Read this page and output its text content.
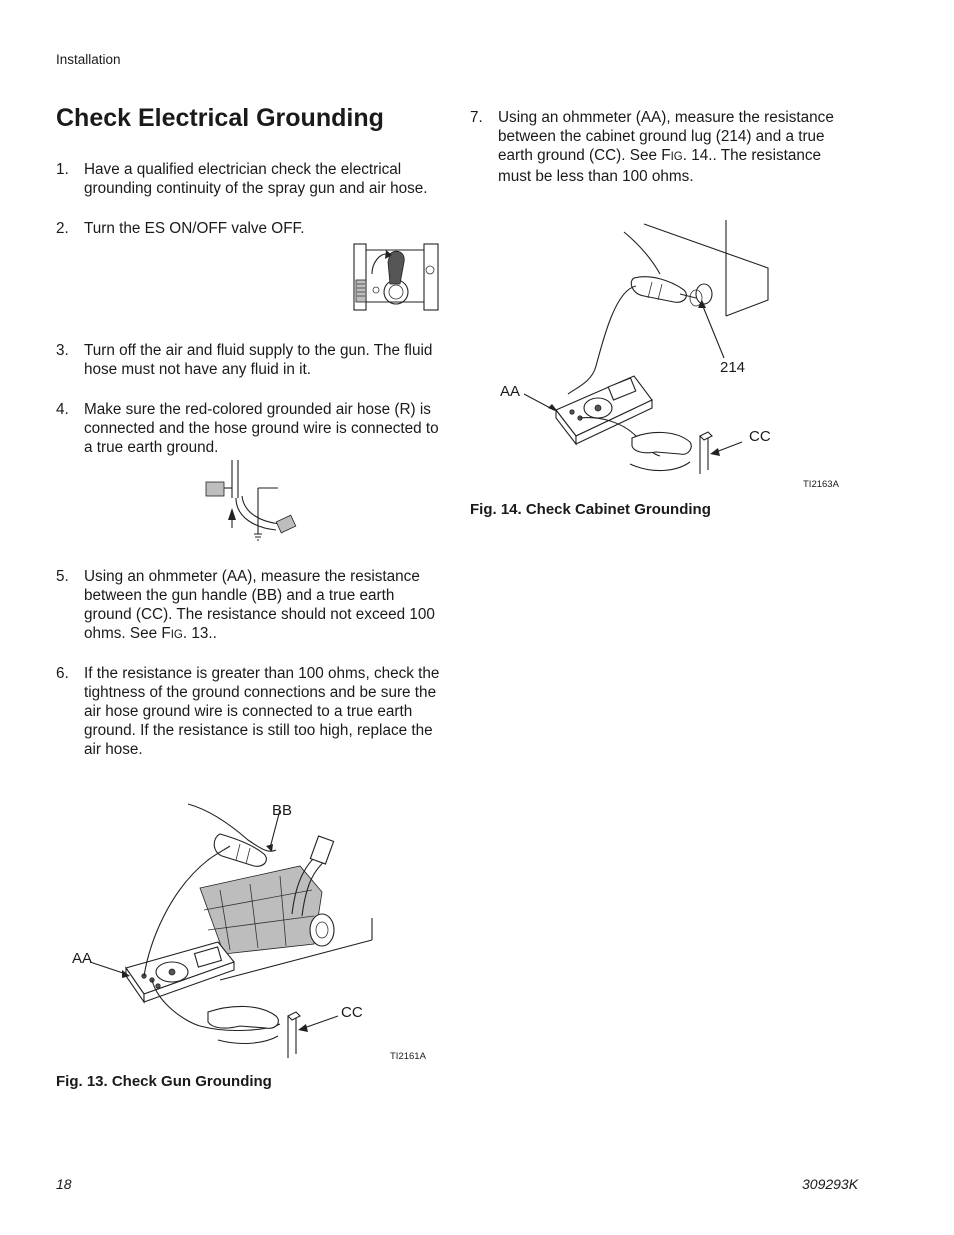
Installation
Check Electrical Grounding
1. Have a qualified electrician check the electrical
grounding continuity of the spray gun and air hose.
2. Turn the ES ON/OFF valve OFF.
3. Turn off the air and fluid supply to the gun. The fluid
hose must not have any fluid in it.
4. Make sure the red-colored grounded air hose (R) is
connected and the hose ground wire is connected to
a true earth ground.
5. Using an ohmmeter (AA), measure the resistance
between the gun handle (BB) and a true earth
ground (CC). The resistance should not exceed 100
ohms. See FIG. 13..
6. If the resistance is greater than 100 ohms, check the
tightness of the ground connections and be sure the
air hose ground wire is connected to a true earth
ground. If the resistance is still too high, replace the
air hose.
BB
AA
CC
TI2161A
Fig. 13. Check Gun Grounding
7. Using an ohmmeter (AA), measure the resistance
between the cabinet ground lug (214) and a true
earth ground (CC). See FIG. 14.. The resistance
must be less than 100 ohms.
214
AA
CC
TI2163A
Fig. 14. Check Cabinet Grounding
18	309293K
